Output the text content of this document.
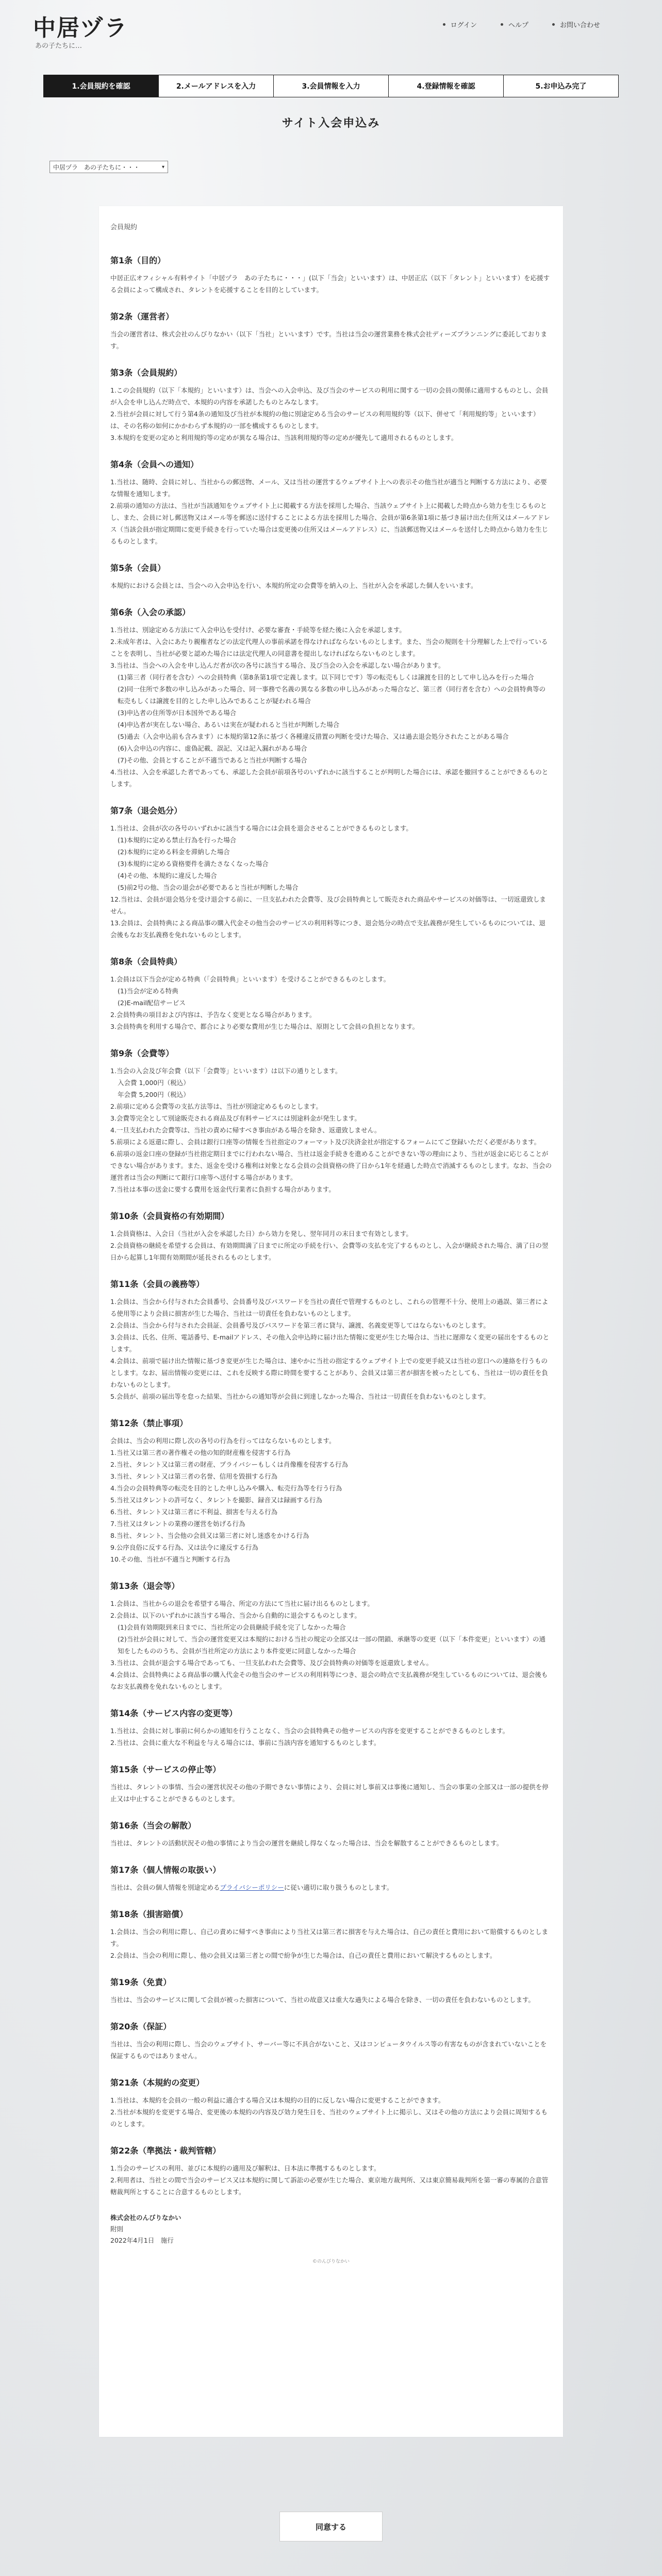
中居ヅラ
あの子たちに…
ログイン	ヘルプ	お問い合わせ
1.会員規約を確認	2.メールアドレスを入力	3.会員情報を入力	4.登録情報を確認	5.お申込み完了
サイト入会申込み
中居ヅラ　あの子たちに・・・	▾
会員規約
第1条（目的）

中居正広オフィシャル有料サイト「中居ヅラ　あの子たちに・・・」(以下「当会」といいます）は、中居正広（以下「タレント」といいます）を応援する会員によって構成され、タレントを応援することを目的としています。

第2条（運営者）

当会の運営者は、株式会社のんびりなかい（以下「当社」といいます）です。当社は当会の運営業務を株式会社ディーズプランニングに委託しております。

第3条（会員規約）

1.この会員規約（以下「本規約」といいます）は、当会への入会申込、及び当会のサービスの利用に関する一切の会員の関係に適用するものとし、会員が入会を申し込んだ時点で、本規約の内容を承諾したものとみなします。

2.当社が会員に対して行う第4条の通知及び当社が本規約の他に別途定める当会のサービスの利用規約等（以下、併せて「利用規約等」といいます）は、その名称の如何にかかわらず本規約の一部を構成するものとします。

3.本規約を変更の定めと利用規約等の定めが異なる場合は、当該利用規約等の定めが優先して適用されるものとします。

第4条（会員への通知）

1.当社は、随時、会員に対し、当社からの郵送物、メール、又は当社の運営するウェブサイト上への表示その他当社が適当と判断する方法により、必要な情報を通知します。

2.前項の通知の方法は、当社が当該通知をウェブサイト上に掲載する方法を採用した場合、当該ウェブサイト上に掲載した時点から効力を生じるものとし、また、会員に対し郵送物又はメール等を郵送に送付することによる方法を採用した場合、会員が第6条第1項に基づき届け出た住所又はメールアドレス（当該会員が指定期間に変更手続きを行っていた場合は変更後の住所又はメールアドレス）に、当該郵送物又はメールを送付した時点から効力を生じるものとします。

第5条（会員）

本規約における会員とは、当会への入会申込を行い、本規約所定の会費等を納入の上、当社が入会を承認した個人をいいます。

第6条（入会の承認）

1.当社は、別途定める方法にて入会申込を受付け、必要な審査・手続等を経た後に入会を承認します。

2.未成年者は、入会にあたり親権者などの法定代理人の事前承諾を得なければならないものとします。また、当会の規則を十分理解した上で行っていることを表明し、当社が必要と認めた場合には法定代理人の同意書を提出しなければならないものとします。

3.当社は、当会への入会を申し込んだ者が次の各号に該当する場合、及び当会の入会を承認しない場合があります。

(1)第三者（同行者を含む）への会員特典（第8条第1項で定義します。以下同じです）等の転売もしくは譲渡を目的として申し込みを行った場合

(2)同一住所で多数の申し込みがあった場合、同一事務で名義の異なる多数の申し込みがあった場合など、第三者（同行者を含む）への会員特典等の転売もしくは譲渡を目的とした申し込みであることが疑われる場合

(3)申込者の住所等が日本国外である場合

(4)申込者が実在しない場合、あるいは実在が疑われると当社が判断した場合

(5)過去（入会申込前も含みます）に本規約第12条に基づく各種違反措置の判断を受けた場合、又は過去退会処分されたことがある場合

(6)入会申込の内容に、虚偽記載、誤記、又は記入漏れがある場合

(7)その他、会員とすることが不適当であると当社が判断する場合

4.当社は、入会を承認した者であっても、承認した会員が前項各号のいずれかに該当することが判明した場合には、承認を撤回することができるものとします。

第7条（退会処分）

1.当社は、会員が次の各号のいずれかに該当する場合には会員を退会させることができるものとします。

(1)本規約に定める禁止行為を行った場合

(2)本規約に定める料金を滞納した場合

(3)本規約に定める資格要件を満たさなくなった場合

(4)その他、本規約に違反した場合

(5)前2号の他、当会の退会が必要であると当社が判断した場合

12.当社は、会員が退会処分を受け退会する前に、一旦支払われた会費等、及び会員特典として販売された商品やサービスの対価等は、一切返還致しません。

13.会員は、会員特典による商品事の購入代金その他当会のサービスの利用料等につき、退会処分の時点で支払義務が発生しているものについては、退会後もなお支払義務を免れないものとします。

第8条（会員特典）

1.会員は以下当会が定める特典（「会員特典」といいます）を受けることができるものとします。

(1)当会が定める特典

(2)E-mail配信サービス

2.会員特典の項目および内容は、予告なく変更となる場合があります。

3.会員特典を利用する場合で、都合により必要な費用が生じた場合は、原則として会員の負担となります。

第9条（会費等）

1.当会の入会及び年会費（以下「会費等」といいます）は以下の通りとします。

入会費 1,000円（税込）

年会費 5,200円（税込）

2.前項に定める会費等の支払方法等は、当社が別途定めるものとします。

3.会費等完全として別途販売される商品及び有料サービスには別途料金が発生します。

4.一旦支払われた会費等は、当社の責めに帰すべき事由がある場合を除き、返還致しません。

5.前項による返還に際し、会員は銀行口座等の情報を当社指定のフォーマット及び決済金社が指定するフォームにてご登録いただく必要があります。

6.前項の返金口座の登録が当社指定期日までに行われない場合、当社は返金手続きを進めることができない等の理由により、当社が返金に応じることができない場合があります。また、返金を受ける権利は対象となる会員の会員資格の終了日から1年を経過した時点で消滅するものとします。なお、当会の運営者は当会の判断にて銀行口座等へ送付する場合があります。

7.当社は本事の送金に要する費用を返金代行業者に負担する場合があります。

第10条（会員資格の有効期間）

1.会員資格は、入会日（当社が入会を承認した日）から効力を発し、翌年同月の末日まで有効とします。

2.会員資格の継続を希望する会員は、有効期間満了日までに所定の手続を行い、会費等の支払を完了するものとし、入会が継続された場合、満了日の翌日から起算し1年間有効期間が延長されるものとします。

第11条（会員の義務等）

1.会員は、当会から付与された会員番号、会員番号及びパスワードを当社の責任で管理するものとし、これらの管理不十分、使用上の過誤、第三者による使用等により会員に損害が生じた場合、当社は一切責任を負わないものとします。

2.会員は、当会から付与された会員証、会員番号及びパスワードを第三者に貸与、譲渡、名義変更等してはならないものとします。

3.会員は、氏名、住所、電話番号、E-mailアドレス、その他入会申込時に届け出た情報に変更が生じた場合は、当社に遅滞なく変更の届出をするものとします。

4.会員は、前項で届け出た情報に基づき変更が生じた場合は、速やかに当社の指定するウェブサイト上での変更手続又は当社の窓口への連絡を行うものとします。なお、届出情報の変更には、これを反映する際に時間を要することがあり、会員又は第三者が損害を被ったとしても、当社は一切の責任を負わないものとします。

5.会員が、前項の届出等を怠った結果、当社からの通知等が会員に到達しなかった場合、当社は一切責任を負わないものとします。

第12条（禁止事項）

会員は、当会の利用に際し次の各号の行為を行ってはならないものとします。

1.当社又は第三者の著作権その他の知的財産権を侵害する行為

2.当社、タレント又は第三者の財産、プライバシーもしくは肖像権を侵害する行為

3.当社、タレント又は第三者の名誉、信用を毀損する行為

4.当会の会員特典等の転売を目的とした申し込みや購入、転売行為等を行う行為

5.当社又はタレントの許可なく、タレントを撮影、録音又は録画する行為

6.当社、タレント又は第三者に不利益、損害を与える行為

7.当社又はタレントの業務の運営を妨げる行為

8.当社、タレント、当会他の会員又は第三者に対し迷惑をかける行為

9.公序良俗に反する行為、又は法令に違反する行為

10.その他、当社が不適当と判断する行為

第13条（退会等）

1.会員は、当社からの退会を希望する場合、所定の方法にて当社に届け出るものとします。

2.会員は、以下のいずれかに該当する場合、当会から自動的に退会するものとします。

(1)会員有効期限到来日までに、当社所定の会員継続手続を完了しなかった場合

(2)当社が会員に対して、当会の運営変更又は本規約における当社の規定の全部又は一部の閉鎖、承継等の変更（以下「本件変更」といいます）の通知をしたもののうち、会員が当社所定の方法により本件変更に同意しなかった場合

3.当社は、会員が退会する場合であっても、一旦支払われた会費等、及び会員特典の対価等を返還致しません。

4.会員は、会員特典による商品事の購入代金その他当会のサービスの利用料等につき、退会の時点で支払義務が発生しているものについては、退会後もなお支払義務を免れないものとします。

第14条（サービス内容の変更等）

1.当社は、会員に対し事前に何らかの通知を行うことなく、当会の会員特典その他サービスの内容を変更することができるものとします。

2.当社は、会員に重大な不利益を与える場合には、事前に当該内容を通知するものとします。

第15条（サービスの停止等）

当社は、タレントの事情、当会の運営状況その他の予期できない事情により、会員に対し事前又は事後に通知し、当会の事業の全部又は一部の提供を停止又は中止することができるものとします。

第16条（当会の解散）

当社は、タレントの活動状況その他の事情により当会の運営を継続し得なくなった場合は、当会を解散することができるものとします。

第17条（個人情報の取扱い）

当社は、会員の個人情報を別途定めるプライバシーポリシーに従い適切に取り扱うものとします。

第18条（損害賠償）

1.会員は、当会の利用に際し、自己の責めに帰すべき事由により当社又は第三者に損害を与えた場合は、自己の責任と費用において賠償するものとします。

2.会員は、当会の利用に際し、他の会員又は第三者との間で紛争が生じた場合は、自己の責任と費用において解決するものとします。

第19条（免責）

当社は、当会のサービスに関して会員が被った損害について、当社の故意又は重大な過失による場合を除き、一切の責任を負わないものとします。

第20条（保証）

当社は、当会の利用に際し、当会のウェブサイト、サーバー等に不具合がないこと、又はコンピュータウイルス等の有害なものが含まれていないことを保証するものではありません。

第21条（本規約の変更）

1.当社は、本規約を会員の一般の利益に適合する場合又は本規約の目的に反しない場合に変更することができます。

2.当社が本規約を変更する場合、変更後の本規約の内容及び効力発生日を、当社のウェブサイト上に掲示し、又はその他の方法により会員に周知するものとします。

第22条（準拠法・裁判管轄）

1.当会のサービスの利用、並びに本規約の適用及び解釈は、日本法に準拠するものとします。

2.利用者は、当社との間で当会のサービス又は本規約に関して訴訟の必要が生じた場合、東京地方裁判所、又は東京簡易裁判所を第一審の専属的合意管轄裁判所とすることに合意するものとします。

株式会社のんびりなかい
附則
2022年4月1日　施行
©のんびりなかい
同意する
